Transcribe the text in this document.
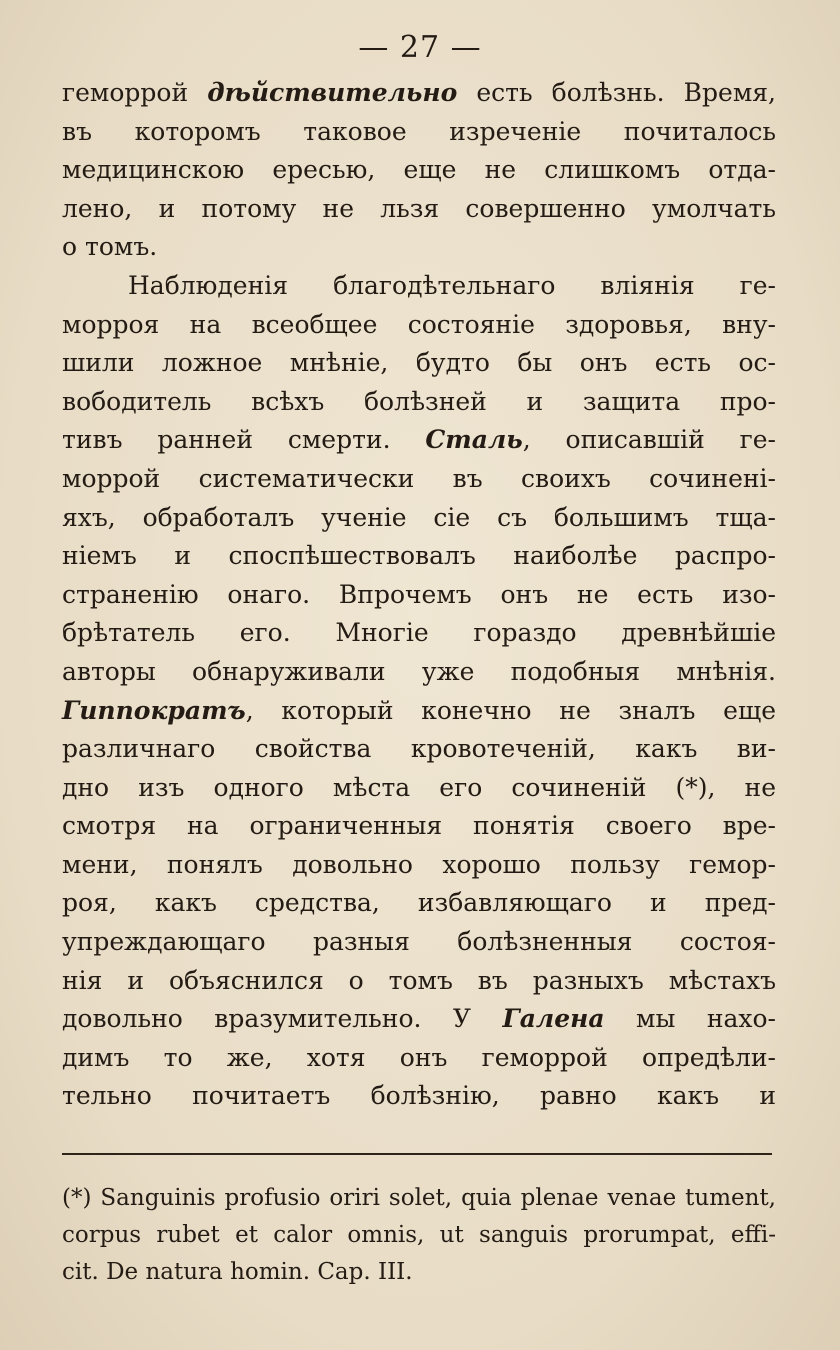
— 27 —
геморрой дѣйствительно есть болѣзнь. Время,
въ которомъ таковое изреченіе почиталось
медицинскою ересью, еще не слишкомъ отда-
лено, и потому не льзя совершенно умолчать
о томъ.
Наблюденія благодѣтельнаго вліянія ге-
морроя на всеобщее состояніе здоровья, вну-
шили ложное мнѣніе, будто бы онъ есть ос-
вободитель всѣхъ болѣзней и защита про-
тивъ ранней смерти. Сталь, описавшій ге-
моррой систематически въ своихъ сочинені-
яхъ, обработалъ ученіе сіе съ большимъ тща-
ніемъ и споспѣшествовалъ наиболѣе распро-
страненію онаго. Впрочемъ онъ не есть изо-
брѣтатель его. Многіе гораздо древнѣйшіе
авторы обнаруживали уже подобныя мнѣнія.
Гиппократъ, который конечно не зналъ еще
различнаго свойства кровотеченій, какъ ви-
дно изъ одного мѣста его сочиненій (*), не
смотря на ограниченныя понятія своего вре-
мени, понялъ довольно хорошо пользу гемор-
роя, какъ средства, избавляющаго и пред-
упреждающаго разныя болѣзненныя состоя-
нія и объяснился о томъ въ разныхъ мѣстахъ
довольно вразумительно. У Галена мы нахо-
димъ то же, хотя онъ геморрой опредѣли-
тельно почитаетъ болѣзнію, равно какъ и
(*) Sanguinis profusio oriri solet, quia plenae venae tument,
corpus rubet et calor omnis, ut sanguis prorumpat, effi-
cit. De natura homin. Cap. III.
